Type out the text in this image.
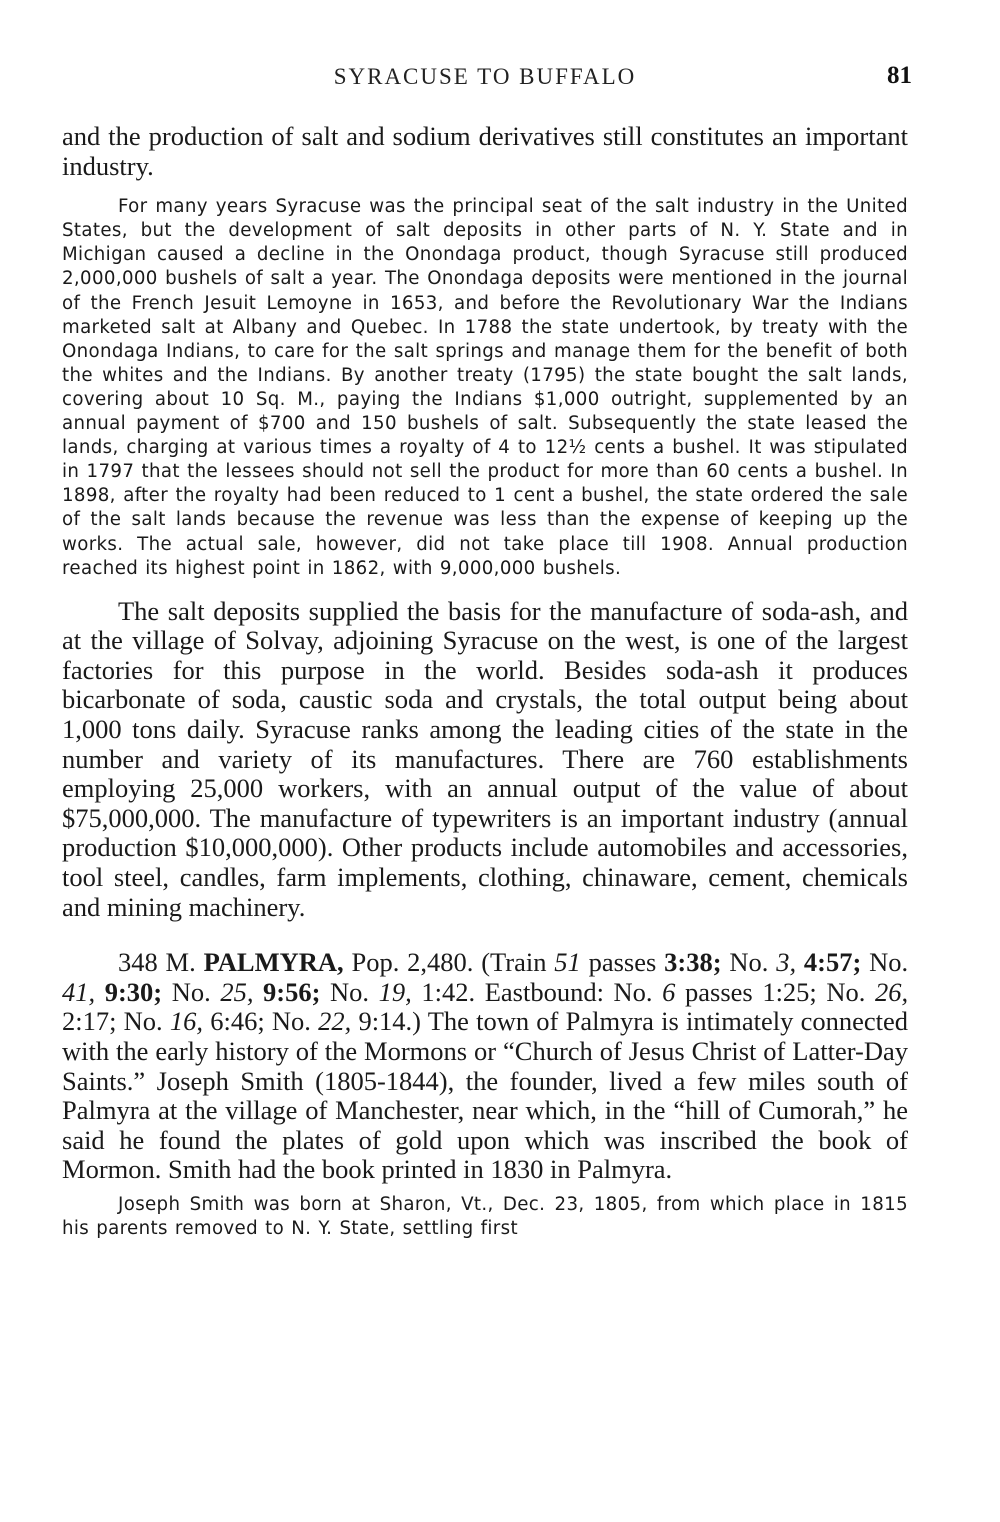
SYRACUSE TO BUFFALO	81

and the production of salt and sodium derivatives still constitutes an important industry.

For many years Syracuse was the principal seat of the salt industry in the United States, but the development of salt deposits in other parts of N. Y. State and in Michigan caused a decline in the Onondaga product, though Syracuse still produced 2,000,000 bushels of salt a year. The Onondaga deposits were mentioned in the journal of the French Jesuit Lemoyne in 1653, and before the Revolutionary War the Indians marketed salt at Albany and Quebec. In 1788 the state undertook, by treaty with the Onondaga Indians, to care for the salt springs and manage them for the benefit of both the whites and the Indians. By another treaty (1795) the state bought the salt lands, covering about 10 Sq. M., paying the Indians $1,000 outright, supplemented by an annual payment of $700 and 150 bushels of salt. Subsequently the state leased the lands, charging at various times a royalty of 4 to 12½ cents a bushel. It was stipulated in 1797 that the lessees should not sell the product for more than 60 cents a bushel. In 1898, after the royalty had been reduced to 1 cent a bushel, the state ordered the sale of the salt lands because the revenue was less than the expense of keeping up the works. The actual sale, however, did not take place till 1908. Annual production reached its highest point in 1862, with 9,000,000 bushels.

The salt deposits supplied the basis for the manufacture of soda-ash, and at the village of Solvay, adjoining Syracuse on the west, is one of the largest factories for this purpose in the world. Besides soda-ash it produces bicarbonate of soda, caustic soda and crystals, the total output being about 1,000 tons daily. Syracuse ranks among the leading cities of the state in the number and variety of its manufactures. There are 760 establishments employing 25,000 workers, with an annual output of the value of about $75,000,000. The manufacture of typewriters is an important industry (annual production $10,000,000). Other products include automobiles and accessories, tool steel, candles, farm implements, clothing, chinaware, cement, chemicals and mining machinery.

348 M. PALMYRA, Pop. 2,480. (Train 51 passes 3:38; No. 3, 4:57; No. 41, 9:30; No. 25, 9:56; No. 19, 1:42. Eastbound: No. 6 passes 1:25; No. 26, 2:17; No. 16, 6:46; No. 22, 9:14.) The town of Palmyra is intimately connected with the early history of the Mormons or “Church of Jesus Christ of Latter-Day Saints.” Joseph Smith (1805-1844), the founder, lived a few miles south of Palmyra at the village of Manchester, near which, in the “hill of Cumorah,” he said he found the plates of gold upon which was inscribed the book of Mormon. Smith had the book printed in 1830 in Palmyra.

Joseph Smith was born at Sharon, Vt., Dec. 23, 1805, from which place in 1815 his parents removed to N. Y. State, settling first
